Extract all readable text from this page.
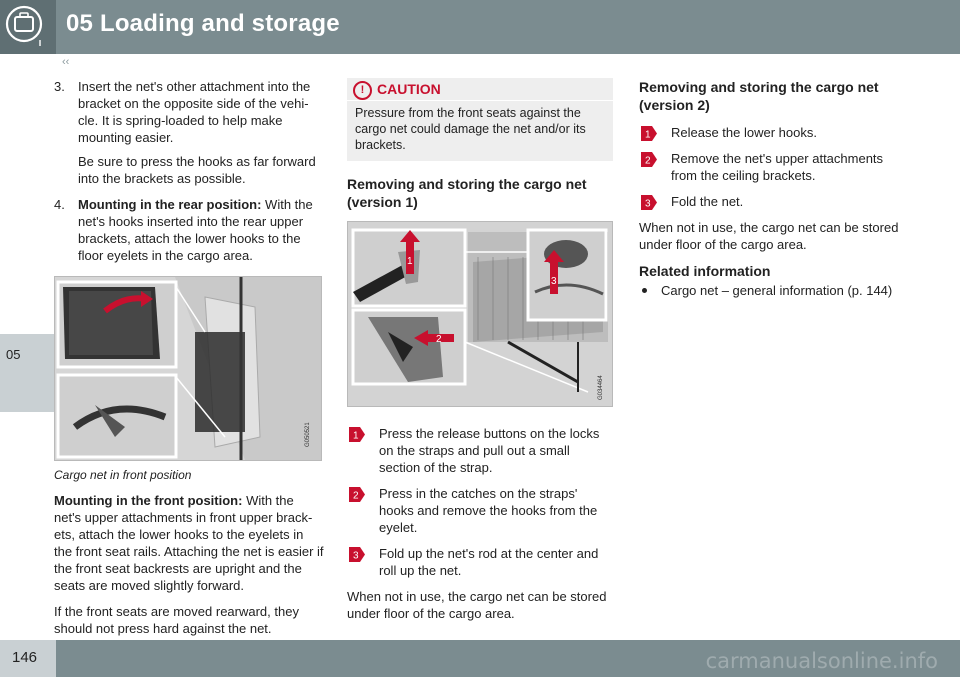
05 Loading and storage
‹‹
05
146	carmanualsonline.info
3. Insert the net's other attachment into the bracket on the opposite side of the vehi-cle. It is spring-loaded to help make mounting easier.

Be sure to press the hooks as far forward into the brackets as possible.

4. Mounting in the rear position: With the net's hooks inserted into the rear upper brackets, attach the lower hooks to the floor eyelets in the cargo area.
G050521
Cargo net in front position

Mounting in the front position: With the net's upper attachments in front upper brack-ets, attach the lower hooks to the eyelets in the front seat rails. Attaching the net is easier if the front seat backrests are upright and the seats are moved slightly forward.

If the front seats are moved rearward, they should not press hard against the net.

! CAUTION
Pressure from the front seats against the cargo net could damage the net and/or its brackets.
Removing and storing the cargo net (version 1)
1
2
3
G034464
1 Press the release buttons on the locks on the straps and pull out a small section of the strap.
2 Press in the catches on the straps' hooks and remove the hooks from the eyelet.
3 Fold up the net's rod at the center and roll up the net.

When not in use, the cargo net can be stored under floor of the cargo area.

Removing and storing the cargo net (version 2)
1 Release the lower hooks.
2 Remove the net's upper attachments from the ceiling brackets.
3 Fold the net.

When not in use, the cargo net can be stored under floor of the cargo area.

Related information
Cargo net – general information (p. 144)
